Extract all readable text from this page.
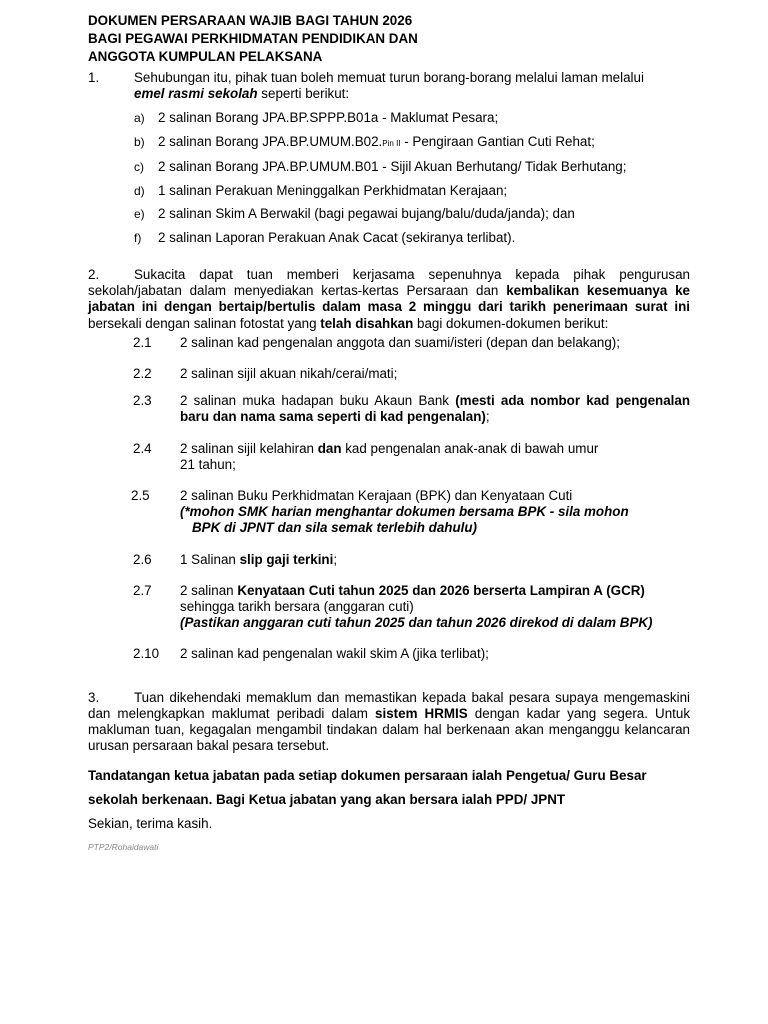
DOKUMEN PERSARAAN WAJIB BAGI TAHUN 2026

BAGI PEGAWAI PERKHIDMATAN PENDIDIKAN DAN

ANGGOTA KUMPULAN PELAKSANA

1.	Sehubungan itu, pihak tuan boleh memuat turun borang-borang melalui laman melalui
emel rasmi sekolah seperti berikut:
a) 2 salinan Borang JPA.BP.SPPP.B01a - Maklumat Pesara;
b) 2 salinan Borang JPA.BP.UMUM.B02.Pin II - Pengiraan Gantian Cuti Rehat;
c)	2 salinan Borang JPA.BP.UMUM.B01 - Sijil Akuan Berhutang/ Tidak Berhutang;
d) 1 salinan Perakuan Meninggalkan Perkhidmatan Kerajaan;
e) 2 salinan Skim A Berwakil (bagi pegawai bujang/balu/duda/janda); dan
f)	2 salinan Laporan Perakuan Anak Cacat (sekiranya terlibat).

2.	Sukacita dapat tuan memberi kerjasama sepenuhnya kepada pihak pengurusan sekolah/jabatan dalam menyediakan kertas-kertas Persaraan dan kembalikan kesemuanya ke jabatan ini dengan bertaip/bertulis dalam masa 2 minggu dari tarikh penerimaan surat ini bersekali dengan salinan fotostat yang telah disahkan bagi dokumen-dokumen berikut:

2.1	2 salinan kad pengenalan anggota dan suami/isteri (depan dan belakang);
2.2	2 salinan sijil akuan nikah/cerai/mati;
2.3	2 salinan muka hadapan buku Akaun Bank (mesti ada nombor kad pengenalan baru dan nama sama seperti di kad pengenalan);
2.4	2 salinan sijil kelahiran dan kad pengenalan anak-anak di bawah umur
21 tahun;
2.5	2 salinan Buku Perkhidmatan Kerajaan (BPK) dan Kenyataan Cuti
(*mohon SMK harian menghantar dokumen bersama BPK - sila mohon
BPK di JPNT dan sila semak terlebih dahulu)
2.6	1 Salinan slip gaji terkini;
2.7	2 salinan Kenyataan Cuti tahun 2025 dan 2026 berserta Lampiran A (GCR)
sehingga tarikh bersara (anggaran cuti)
(Pastikan anggaran cuti tahun 2025 dan tahun 2026 direkod di dalam BPK)
2.10	2 salinan kad pengenalan wakil skim A (jika terlibat);

3.	Tuan dikehendaki memaklum dan memastikan kepada bakal pesara supaya mengemaskini dan melengkapkan maklumat peribadi dalam sistem HRMIS dengan kadar yang segera. Untuk makluman tuan, kegagalan mengambil tindakan dalam hal berkenaan akan menganggu kelancaran urusan persaraan bakal pesara tersebut.

Tandatangan ketua jabatan pada setiap dokumen persaraan ialah Pengetua/ Guru Besar

sekolah berkenaan. Bagi Ketua jabatan yang akan bersara ialah PPD/ JPNT

Sekian, terima kasih.

PTP2/Rohaidawati
